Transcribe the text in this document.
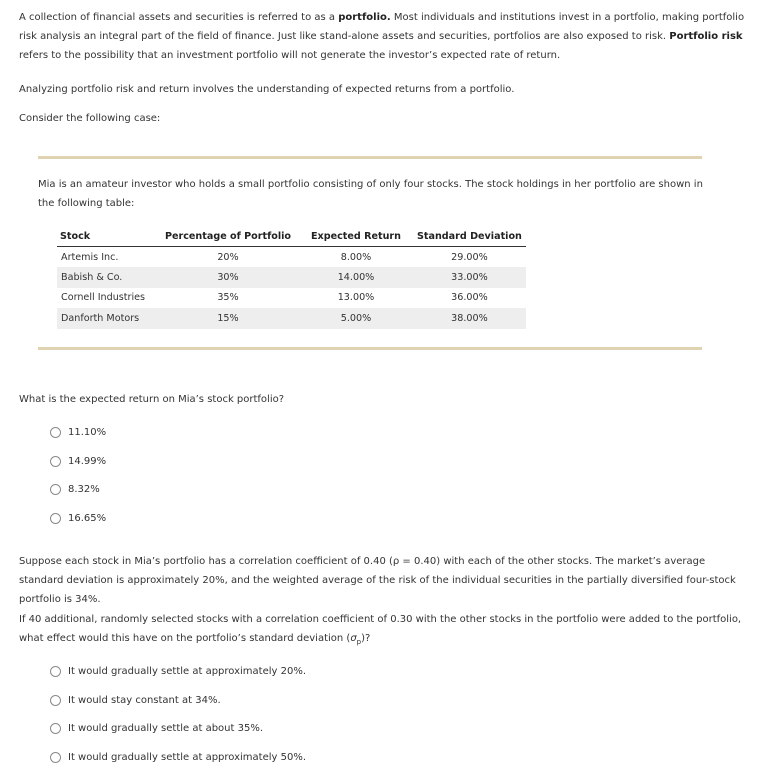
A collection of financial assets and securities is referred to as a portfolio. Most individuals and institutions invest in a portfolio, making portfolio risk analysis an integral part of the field of finance. Just like stand-alone assets and securities, portfolios are also exposed to risk. Portfolio risk refers to the possibility that an investment portfolio will not generate the investor’s expected rate of return.

Analyzing portfolio risk and return involves the understanding of expected returns from a portfolio.

Consider the following case:

Mia is an amateur investor who holds a small portfolio consisting of only four stocks. The stock holdings in her portfolio are shown in the following table:

Stock	Percentage of Portfolio	Expected Return	Standard Deviation
Artemis Inc.	20%	8.00%	29.00%
Babish & Co.	30%	14.00%	33.00%
Cornell Industries	35%	13.00%	36.00%
Danforth Motors	15%	5.00%	38.00%

What is the expected return on Mia’s stock portfolio?

11.10%
14.99%
8.32%
16.65%

Suppose each stock in Mia’s portfolio has a correlation coefficient of 0.40 (ρ = 0.40) with each of the other stocks. The market’s average standard deviation is approximately 20%, and the weighted average of the risk of the individual securities in the partially diversified four-stock portfolio is 34%.

If 40 additional, randomly selected stocks with a correlation coefficient of 0.30 with the other stocks in the portfolio were added to the portfolio, what effect would this have on the portfolio’s standard deviation $(\sigma_p)$?

It would gradually settle at approximately 20%.
It would stay constant at 34%.
It would gradually settle at about 35%.
It would gradually settle at approximately 50%.
